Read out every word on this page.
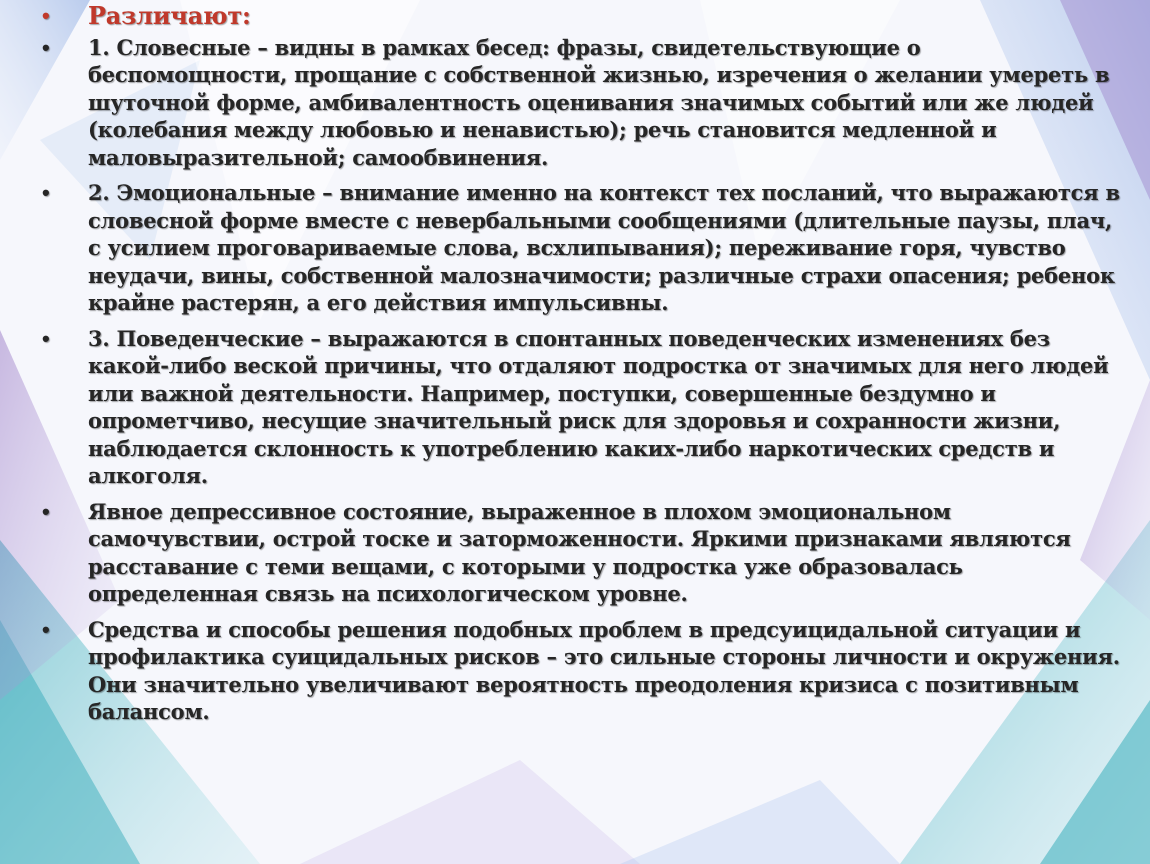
• Различают:

• 1. Словесные – видны в рамках бесед: фразы, свидетельствующие о беспомощности, прощание с собственной жизнью, изречения о желании умереть в шуточной форме, амбивалентность оценивания значимых событий или же людей (колебания между любовью и ненавистью); речь становится медленной и маловыразительной; самообвинения.

• 2. Эмоциональные – внимание именно на контекст тех посланий, что выражаются в словесной форме вместе с невербальными сообщениями (длительные паузы, плач, с усилием проговариваемые слова, всхлипывания); переживание горя, чувство неудачи, вины, собственной малозначимости; различные страхи опасения; ребенок крайне растерян, а его действия импульсивны.

• 3. Поведенческие – выражаются в спонтанных поведенческих изменениях без какой-либо веской причины, что отдаляют подростка от значимых для него людей или важной деятельности. Например, поступки, совершенные бездумно и опрометчиво, несущие значительный риск для здоровья и сохранности жизни, наблюдается склонность к употреблению каких-либо наркотических средств и алкоголя.

• Явное депрессивное состояние, выраженное в плохом эмоциональном самочувствии, острой тоске и заторможенности. Яркими признаками являются расставание с теми вещами, с которыми у подростка уже образовалась определенная связь на психологическом уровне.

• Средства и способы решения подобных проблем в предсуицидальной ситуации и профилактика суицидальных рисков – это сильные стороны личности и окружения. Они значительно увеличивают вероятность преодоления кризиса с позитивным балансом.
